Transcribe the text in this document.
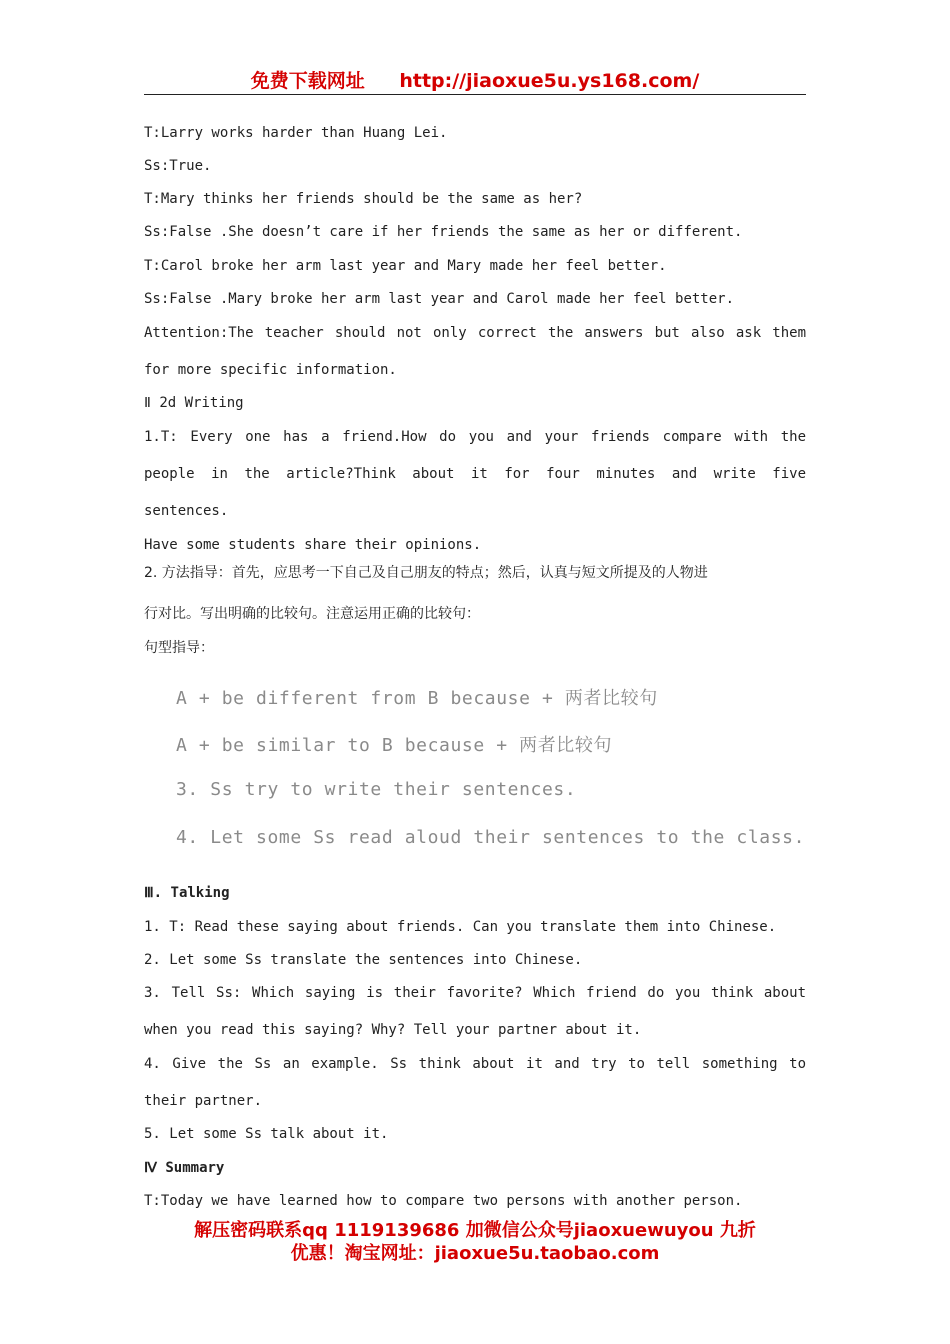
免费下载网址 http://jiaoxue5u.ys168.com/
T:Larry works harder than Huang Lei.
Ss:True.
T:Mary thinks her friends should be the same as her?
Ss:False .She doesn’t care if her friends the same as her or different.
T:Carol broke her arm last year and Mary made her feel better.
Ss:False .Mary broke her arm last year and Carol made her feel better.
Attention:The teacher should not only correct the answers but also ask them
for more specific information.
Ⅱ 2d Writing
1.T: Every one has a friend.How do you and your friends compare with the
people in the article?Think about it for four minutes and write five
sentences.
Have some students share their opinions.
2. 方法指导：首先，应思考一下自己及自己朋友的特点；然后，认真与短文所提及的人物进
行对比。写出明确的比较句。注意运用正确的比较句：
句型指导：
A + be different from B because + 两者比较句
A + be similar to B because + 两者比较句
3. Ss try to write their sentences.
4. Let some Ss read aloud their sentences to the class.
Ⅲ. Talking
1. T: Read these saying about friends. Can you translate them into Chinese.
2. Let some Ss translate the sentences into Chinese.
3. Tell Ss: Which saying is their favorite? Which friend do you think about
when you read this saying? Why? Tell your partner about it.
4. Give the Ss an example. Ss think about it and try to tell something to
their partner.
5. Let some Ss talk about it.
Ⅳ Summary
T:Today we have learned how to compare two persons with another person.
解压密码联系qq 1119139686 加微信公众号jiaoxuewuyou 九折
优惠！淘宝网址：jiaoxue5u.taobao.com
